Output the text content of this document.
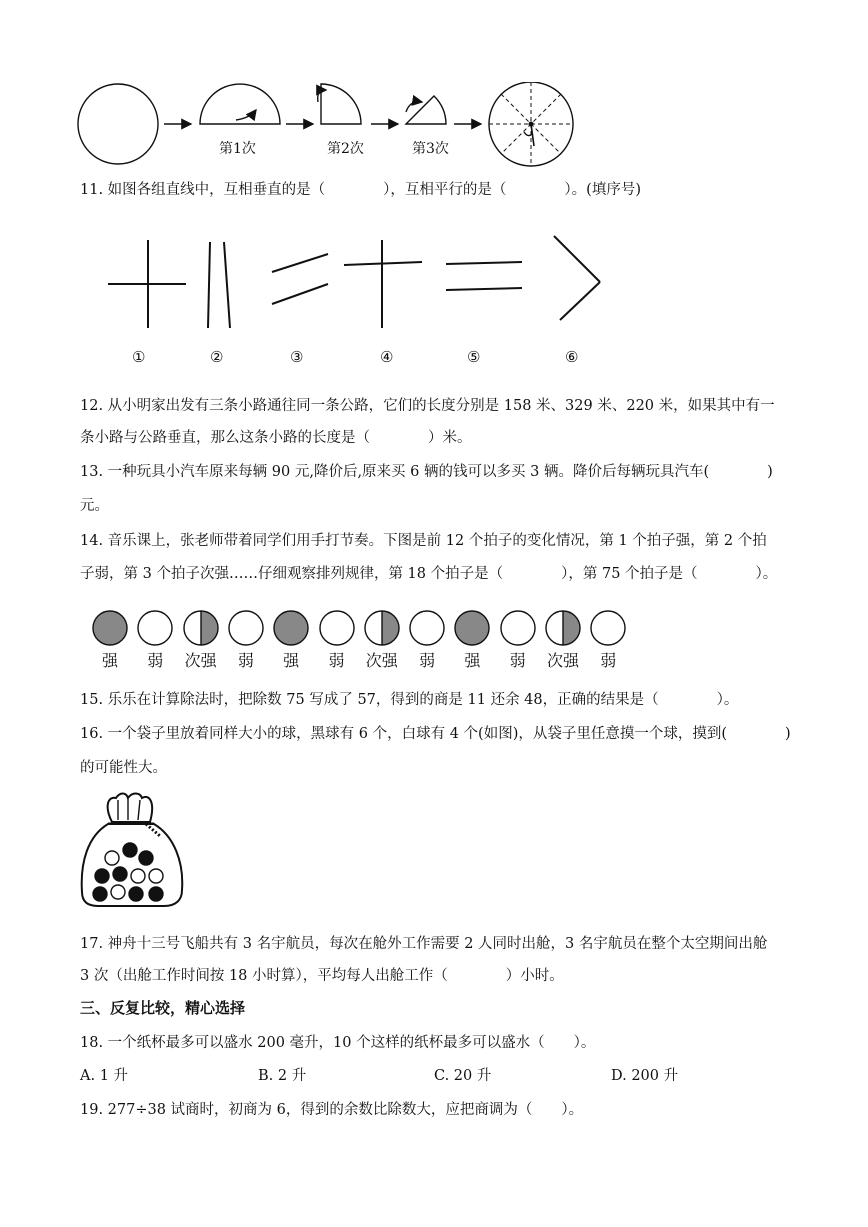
第1次	第2次	第3次
11. 如图各组直线中，互相垂直的是（　　　　），互相平行的是（　　　　）。(填序号)
①	②	③	④	⑤	⑥
12. 从小明家出发有三条小路通往同一条公路，它们的长度分别是 158 米、329 米、220 米，如果其中有一
条小路与公路垂直，那么这条小路的长度是（　　　　）米。
13. 一种玩具小汽车原来每辆 90 元,降价后,原来买 6 辆的钱可以多买 3 辆。降价后每辆玩具汽车(　　　　)
元。
14. 音乐课上，张老师带着同学们用手打节奏。下图是前 12 个拍子的变化情况，第 1 个拍子强，第 2 个拍
子弱，第 3 个拍子次强……仔细观察排列规律，第 18 个拍子是（　　　　），第 75 个拍子是（　　　　）。
强	弱	次强	弱	强	弱	次强	弱	强	弱	次强	弱
15. 乐乐在计算除法时，把除数 75 写成了 57，得到的商是 11 还余 48，正确的结果是（　　　　）。
16. 一个袋子里放着同样大小的球，黑球有 6 个，白球有 4 个(如图)，从袋子里任意摸一个球，摸到(　　　　)
的可能性大。
17. 神舟十三号飞船共有 3 名宇航员，每次在舱外工作需要 2 人同时出舱，3 名宇航员在整个太空期间出舱
3 次（出舱工作时间按 18 小时算），平均每人出舱工作（　　　　）小时。
三、反复比较，精心选择
18. 一个纸杯最多可以盛水 200 毫升，10 个这样的纸杯最多可以盛水（　　）。
A. 1 升	B. 2 升	C. 20 升	D. 200 升
19. 277÷38 试商时，初商为 6，得到的余数比除数大，应把商调为（　　）。
